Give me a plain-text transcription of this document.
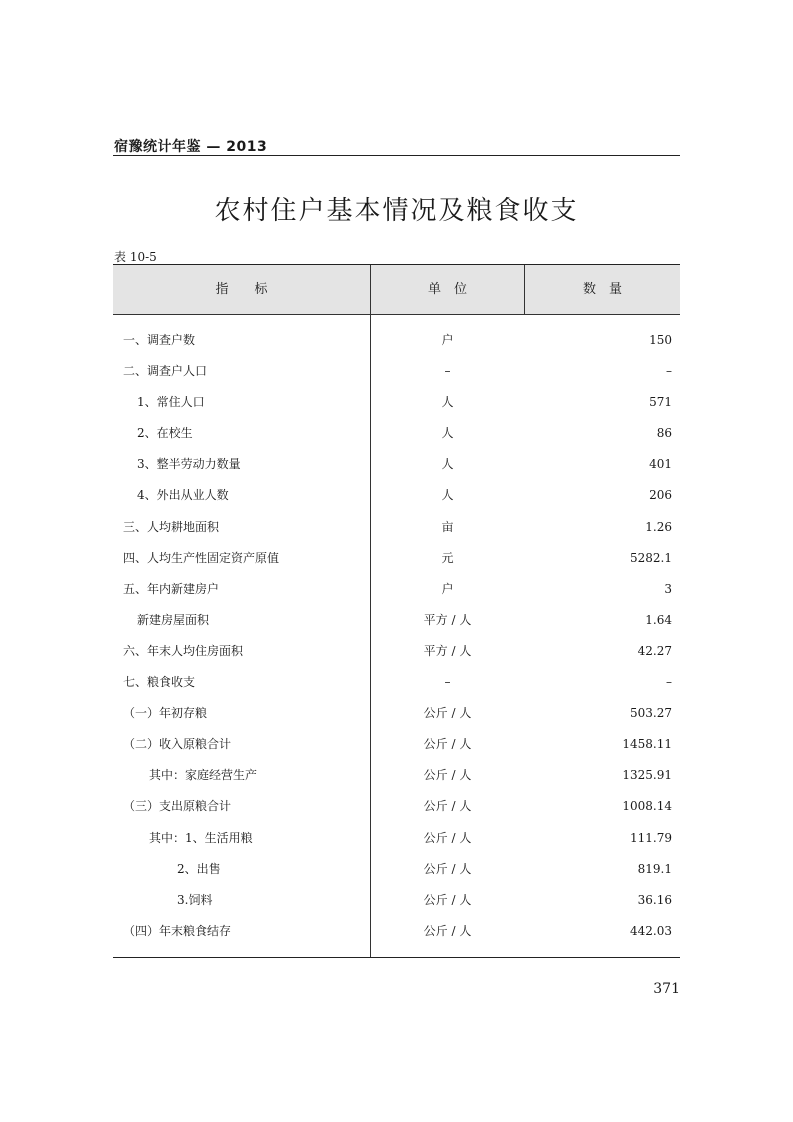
宿豫统计年鉴 — 2013
农村住户基本情况及粮食收支
表 10-5
指　　标	单　位	数　量
一、调查户数	户	150
二、调查户人口	–	–
1、常住人口	人	571
2、在校生	人	86
3、整半劳动力数量	人	401
4、外出从业人数	人	206
三、人均耕地面积	亩	1.26
四、人均生产性固定资产原值	元	5282.1
五、年内新建房户	户	3
新建房屋面积	平方 / 人	1.64
六、年末人均住房面积	平方 / 人	42.27
七、粮食收支	–	–
（一）年初存粮	公斤 / 人	503.27
（二）收入原粮合计	公斤 / 人	1458.11
其中：家庭经营生产	公斤 / 人	1325.91
（三）支出原粮合计	公斤 / 人	1008.14
其中：1、生活用粮	公斤 / 人	111.79
2、出售	公斤 / 人	819.1
3.饲料	公斤 / 人	36.16
（四）年末粮食结存	公斤 / 人	442.03
371
